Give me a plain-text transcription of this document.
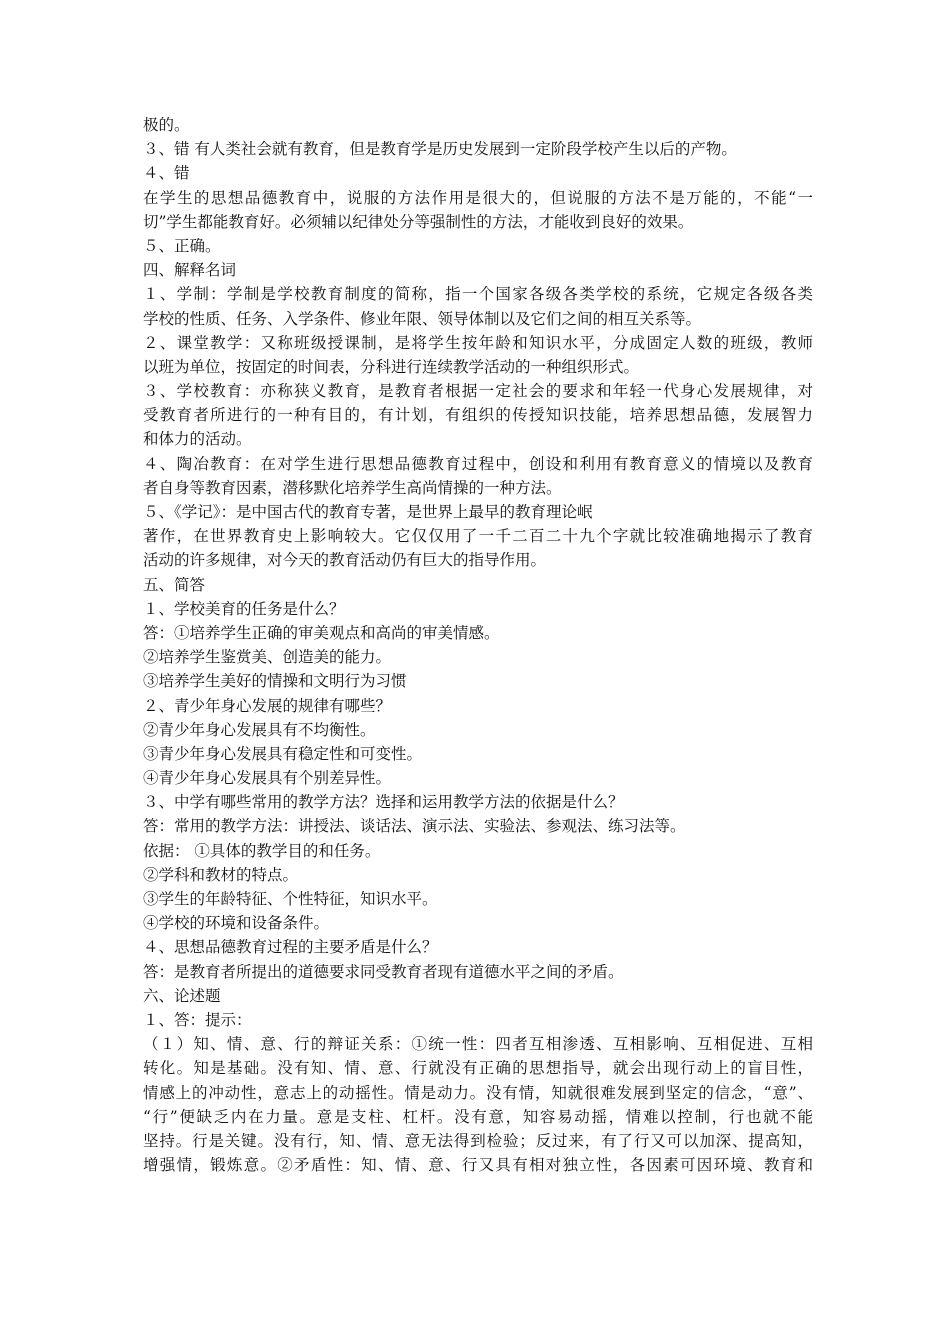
极的。
３、错 有人类社会就有教育，但是教育学是历史发展到一定阶段学校产生以后的产物。
４、错
在学生的思想品德教育中，说服的方法作用是很大的，但说服的方法不是万能的，不能“一
切”学生都能教育好。必须辅以纪律处分等强制性的方法，才能收到良好的效果。
５、正确。
四、解释名词
１、学制：学制是学校教育制度的简称，指一个国家各级各类学校的系统，它规定各级各类
学校的性质、任务、入学条件、修业年限、领导体制以及它们之间的相互关系等。
２、课堂教学：又称班级授课制，是将学生按年龄和知识水平，分成固定人数的班级，教师
以班为单位，按固定的时间表，分科进行连续教学活动的一种组织形式。
３、学校教育：亦称狭义教育，是教育者根据一定社会的要求和年轻一代身心发展规律，对
受教育者所进行的一种有目的，有计划，有组织的传授知识技能，培养思想品德，发展智力
和体力的活动。
４、陶冶教育：在对学生进行思想品德教育过程中，创设和利用有教育意义的情境以及教育
者自身等教育因素，潜移默化培养学生高尚情操的一种方法。
５、《学记》：是中国古代的教育专著，是世界上最早的教育理论岷
著作，在世界教育史上影响较大。它仅仅用了一千二百二十九个字就比较准确地揭示了教育
活动的许多规律，对今天的教育活动仍有巨大的指导作用。
五、简答
１、学校美育的任务是什么？
答：①培养学生正确的审美观点和高尚的审美情感。
②培养学生鉴赏美、创造美的能力。
③培养学生美好的情操和文明行为习惯
２、青少年身心发展的规律有哪些？
②青少年身心发展具有不均衡性。
③青少年身心发展具有稳定性和可变性。
④青少年身心发展具有个别差异性。
３、中学有哪些常用的教学方法？选择和运用教学方法的依据是什么？
答：常用的教学方法：讲授法、谈话法、演示法、实验法、参观法、练习法等。
依据： ①具体的教学目的和任务。
②学科和教材的特点。
③学生的年龄特征、个性特征，知识水平。
④学校的环境和设备条件。
４、思想品德教育过程的主要矛盾是什么？
答：是教育者所提出的道德要求同受教育者现有道德水平之间的矛盾。
六、论述题
１、答：提示：
（１）知、情、意、行的辩证关系：①统一性：四者互相渗透、互相影响、互相促进、互相
转化。知是基础。没有知、情、意、行就没有正确的思想指导，就会出现行动上的盲目性，
情感上的冲动性，意志上的动摇性。情是动力。没有情，知就很难发展到坚定的信念，“意”、
“行”便缺乏内在力量。意是支柱、杠杆。没有意，知容易动摇，情难以控制，行也就不能
坚持。行是关键。没有行，知、情、意无法得到检验；反过来，有了行又可以加深、提高知，
增强情，锻炼意。②矛盾性：知、情、意、行又具有相对独立性，各因素可因环境、教育和
